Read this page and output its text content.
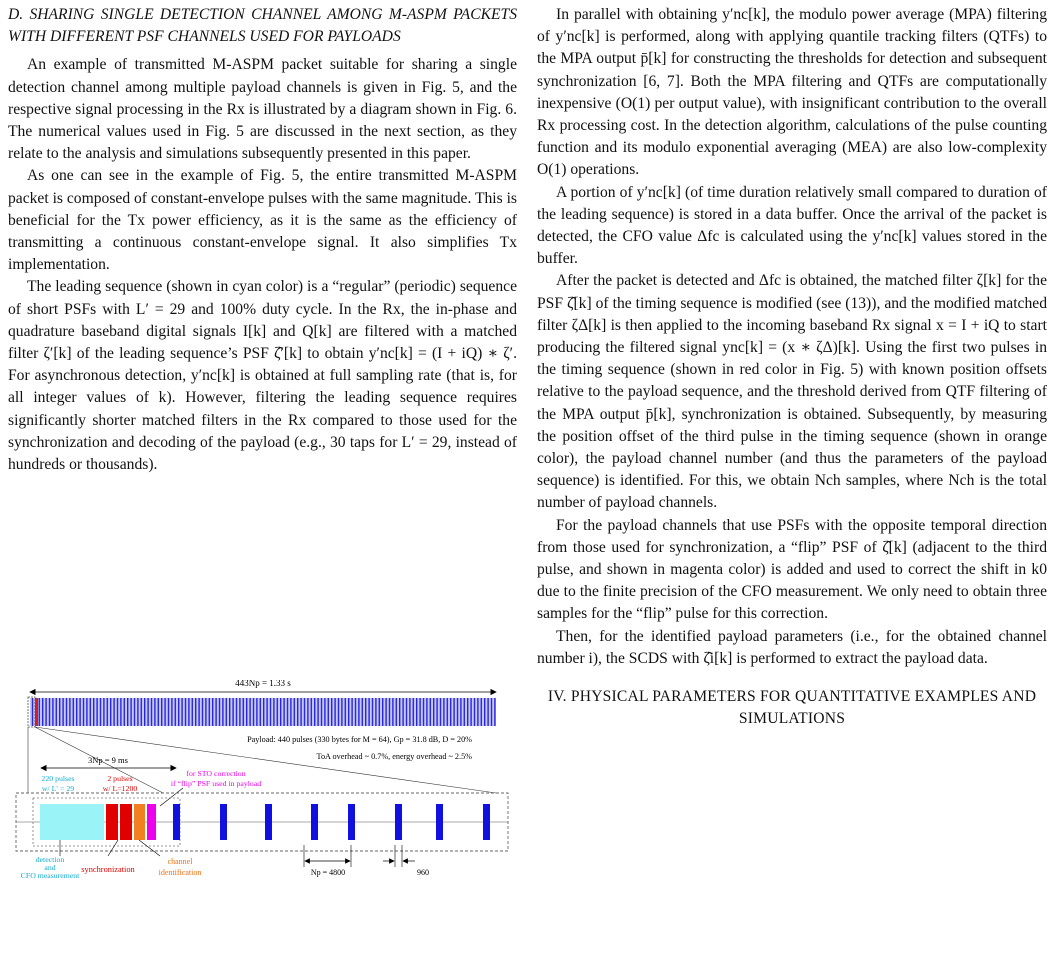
D. SHARING SINGLE DETECTION CHANNEL AMONG M-ASPM PACKETS WITH DIFFERENT PSF CHANNELS USED FOR PAYLOADS

An example of transmitted M-ASPM packet suitable for sharing a single detection channel among multiple payload channels is given in Fig. 5, and the respective signal processing in the Rx is illustrated by a diagram shown in Fig. 6. The numerical values used in Fig. 5 are discussed in the next section, as they relate to the analysis and simulations subsequently presented in this paper.

As one can see in the example of Fig. 5, the entire transmitted M-ASPM packet is composed of constant-envelope pulses with the same magnitude. This is beneficial for the Tx power efficiency, as it is the same as the efficiency of transmitting a continuous constant-envelope signal. It also simplifies Tx implementation.

The leading sequence (shown in cyan color) is a “regular” (periodic) sequence of short PSFs with L′ = 29 and 100% duty cycle. In the Rx, the in-phase and quadrature baseband digital signals I[k] and Q[k] are filtered with a matched filter ζ′[k] of the leading sequence’s PSF ζ̂′[k] to obtain y′nc[k] = (I + iQ) ∗ ζ′. For asynchronous detection, y′nc[k] is obtained at full sampling rate (that is, for all integer values of k). However, filtering the leading sequence requires significantly shorter matched filters in the Rx compared to those used for the synchronization and decoding of the payload (e.g., 30 taps for L′ = 29, instead of hundreds or thousands).

443Np = 1.33 s
Payload: 440 pulses (330 bytes for M = 64), Gp = 31.8 dB, D = 20%
ToA overhead ~ 0.7%, energy overhead ~ 2.5%
3Np = 9 ms
220 pulses
w/ L′ = 29
2 pulses
w/ L=1200
for STO correction
if “flip” PSF used in payload
detection
and
CFO measurement
synchronization
channel
identification	Np = 4800	960

In parallel with obtaining y′nc[k], the modulo power average (MPA) filtering of y′nc[k] is performed, along with applying quantile tracking filters (QTFs) to the MPA output p̄[k] for constructing the thresholds for detection and subsequent synchronization [6, 7]. Both the MPA filtering and QTFs are computationally inexpensive (O(1) per output value), with insignificant contribution to the overall Rx processing cost. In the detection algorithm, calculations of the pulse counting function and its modulo exponential averaging (MEA) are also low-complexity O(1) operations.

A portion of y′nc[k] (of time duration relatively small compared to duration of the leading sequence) is stored in a data buffer. Once the arrival of the packet is detected, the CFO value Δfc is calculated using the y′nc[k] values stored in the buffer.

After the packet is detected and Δfc is obtained, the matched filter ζ[k] for the PSF ζ̂[k] of the timing sequence is modified (see (13)), and the modified matched filter ζΔ[k] is then applied to the incoming baseband Rx signal x = I + iQ to start producing the filtered signal ync[k] = (x ∗ ζΔ)[k]. Using the first two pulses in the timing sequence (shown in red color in Fig. 5) with known position offsets relative to the payload sequence, and the threshold derived from QTF filtering of the MPA output p̄[k], synchronization is obtained. Subsequently, by measuring the position offset of the third pulse in the timing sequence (shown in orange color), the payload channel number (and thus the parameters of the payload sequence) is identified. For this, we obtain Nch samples, where Nch is the total number of payload channels.

For the payload channels that use PSFs with the opposite temporal direction from those used for synchronization, a “flip” PSF of ζ̂[k] (adjacent to the third pulse, and shown in magenta color) is added and used to correct the shift in k0 due to the finite precision of the CFO measurement. We only need to obtain three samples for the “flip” pulse for this correction.

Then, for the identified payload parameters (i.e., for the obtained channel number i), the SCDS with ζ̂i[k] is performed to extract the payload data.

IV. PHYSICAL PARAMETERS FOR QUANTITATIVE EXAMPLES AND SIMULATIONS
